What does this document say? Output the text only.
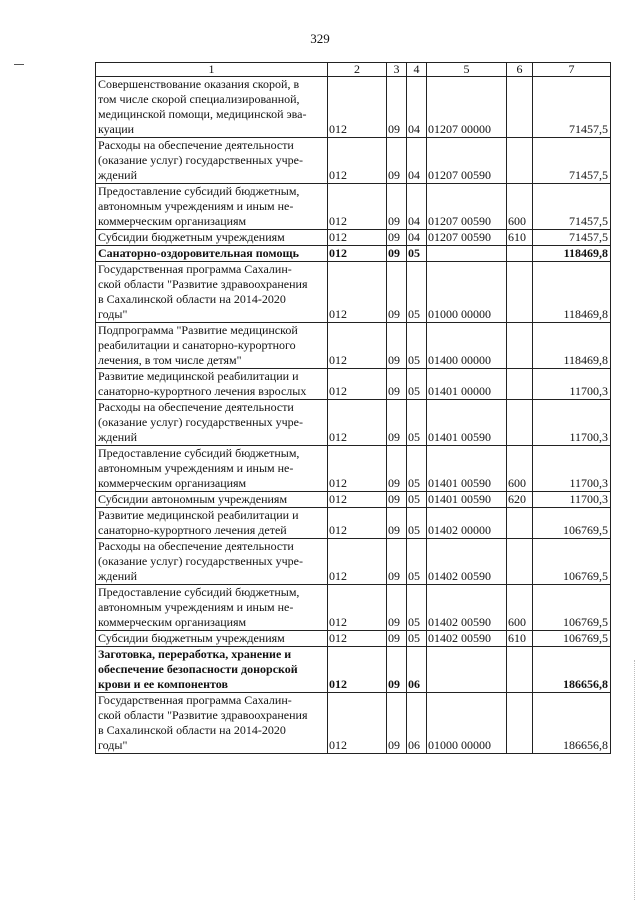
329
1	2	3	4	5	6	7
Совершенствование оказания скорой, в
том числе скорой специализированной,
медицинской помощи, медицинской эва-
куации	012	09	04	01207 00000		71457,5
Расходы на обеспечение деятельности
(оказание услуг) государственных учре-
ждений	012	09	04	01207 00590		71457,5
Предоставление субсидий бюджетным,
автономным учреждениям и иным не-
коммерческим организациям	012	09	04	01207 00590	600	71457,5
Субсидии бюджетным учреждениям	012	09	04	01207 00590	610	71457,5
Санаторно-оздоровительная помощь	012	09	05			118469,8
Государственная программа Сахалин-
ской области "Развитие здравоохранения
в Сахалинской области на 2014-2020
годы"	012	09	05	01000 00000		118469,8
Подпрограмма "Развитие медицинской
реабилитации и санаторно-курортного
лечения, в том числе детям"	012	09	05	01400 00000		118469,8
Развитие медицинской реабилитации и
санаторно-курортного лечения взрослых	012	09	05	01401 00000		11700,3
Расходы на обеспечение деятельности
(оказание услуг) государственных учре-
ждений	012	09	05	01401 00590		11700,3
Предоставление субсидий бюджетным,
автономным учреждениям и иным не-
коммерческим организациям	012	09	05	01401 00590	600	11700,3
Субсидии автономным учреждениям	012	09	05	01401 00590	620	11700,3
Развитие медицинской реабилитации и
санаторно-курортного лечения детей	012	09	05	01402 00000		106769,5
Расходы на обеспечение деятельности
(оказание услуг) государственных учре-
ждений	012	09	05	01402 00590		106769,5
Предоставление субсидий бюджетным,
автономным учреждениям и иным не-
коммерческим организациям	012	09	05	01402 00590	600	106769,5
Субсидии бюджетным учреждениям	012	09	05	01402 00590	610	106769,5
Заготовка, переработка, хранение и
обеспечение безопасности донорской
крови и ее компонентов	012	09	06			186656,8
Государственная программа Сахалин-
ской области "Развитие здравоохранения
в Сахалинской области на 2014-2020
годы"	012	09	06	01000 00000		186656,8
